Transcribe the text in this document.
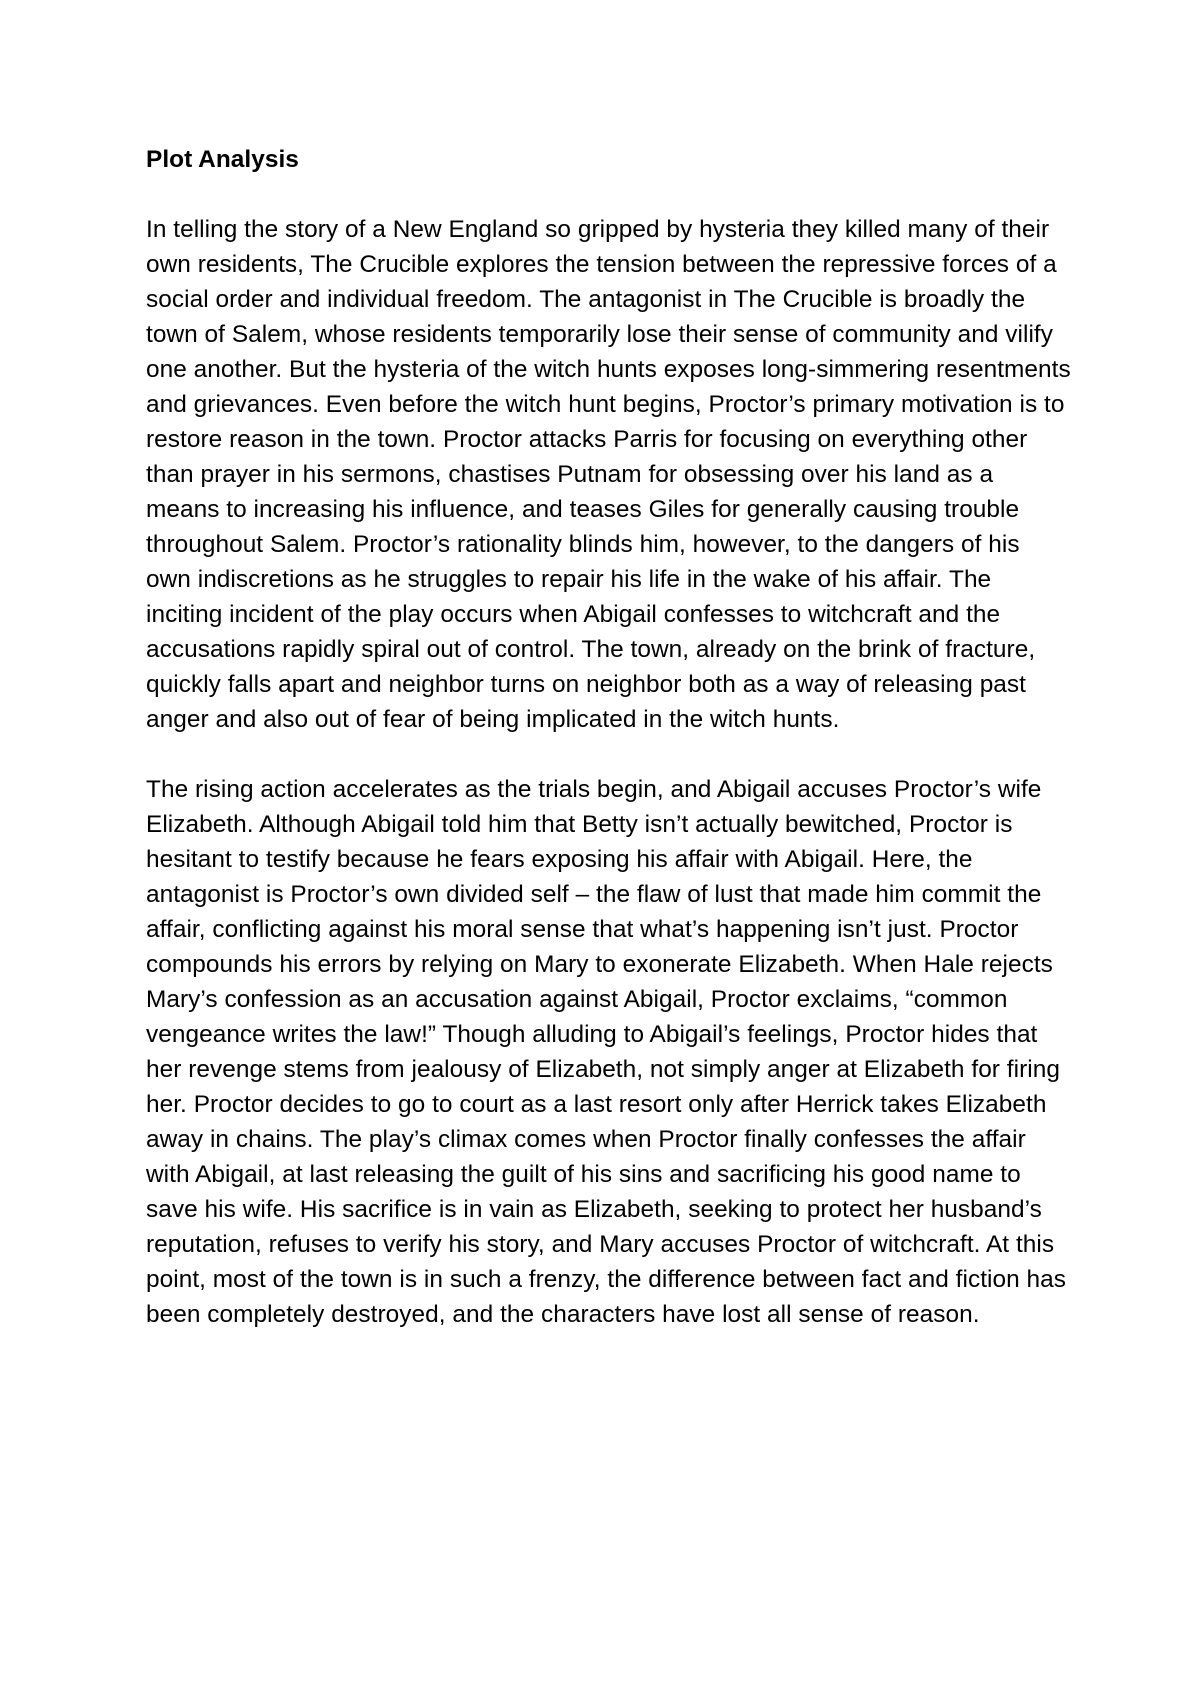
Plot Analysis

In telling the story of a New England so gripped by hysteria they killed many of their own residents, The Crucible explores the tension between the repressive forces of a social order and individual freedom. The antagonist in The Crucible is broadly the town of Salem, whose residents temporarily lose their sense of community and vilify one another. But the hysteria of the witch hunts exposes long-simmering resentments and grievances. Even before the witch hunt begins, Proctor’s primary motivation is to restore reason in the town. Proctor attacks Parris for focusing on everything other than prayer in his sermons, chastises Putnam for obsessing over his land as a means to increasing his influence, and teases Giles for generally causing trouble throughout Salem. Proctor’s rationality blinds him, however, to the dangers of his own indiscretions as he struggles to repair his life in the wake of his affair. The inciting incident of the play occurs when Abigail confesses to witchcraft and the accusations rapidly spiral out of control. The town, already on the brink of fracture, quickly falls apart and neighbor turns on neighbor both as a way of releasing past anger and also out of fear of being implicated in the witch hunts.

The rising action accelerates as the trials begin, and Abigail accuses Proctor’s wife Elizabeth. Although Abigail told him that Betty isn’t actually bewitched, Proctor is hesitant to testify because he fears exposing his affair with Abigail. Here, the antagonist is Proctor’s own divided self – the flaw of lust that made him commit the affair, conflicting against his moral sense that what’s happening isn’t just. Proctor compounds his errors by relying on Mary to exonerate Elizabeth. When Hale rejects Mary’s confession as an accusation against Abigail, Proctor exclaims, “common vengeance writes the law!” Though alluding to Abigail’s feelings, Proctor hides that her revenge stems from jealousy of Elizabeth, not simply anger at Elizabeth for firing her. Proctor decides to go to court as a last resort only after Herrick takes Elizabeth away in chains. The play’s climax comes when Proctor finally confesses the affair with Abigail, at last releasing the guilt of his sins and sacrificing his good name to save his wife. His sacrifice is in vain as Elizabeth, seeking to protect her husband’s reputation, refuses to verify his story, and Mary accuses Proctor of witchcraft. At this point, most of the town is in such a frenzy, the difference between fact and fiction has been completely destroyed, and the characters have lost all sense of reason.
